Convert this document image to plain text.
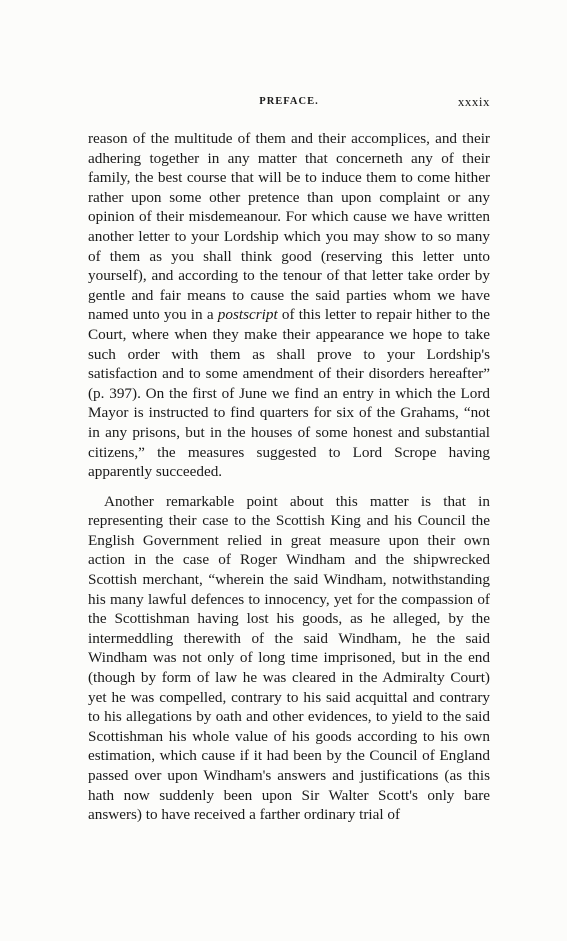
PREFACE.	xxxix

reason of the multitude of them and their accomplices, and their adhering together in any matter that concerneth any of their family, the best course that will be to induce them to come hither rather upon some other pretence than upon complaint or any opinion of their misdemeanour. For which cause we have written another letter to your Lordship which you may show to so many of them as you shall think good (reserving this letter unto yourself), and according to the tenour of that letter take order by gentle and fair means to cause the said parties whom we have named unto you in a postscript of this letter to repair hither to the Court, where when they make their appearance we hope to take such order with them as shall prove to your Lordship's satisfaction and to some amendment of their disorders hereafter” (p. 397). On the first of June we find an entry in which the Lord Mayor is instructed to find quarters for six of the Grahams, “not in any prisons, but in the houses of some honest and substantial citizens,” the measures suggested to Lord Scrope having apparently succeeded.

Another remarkable point about this matter is that in representing their case to the Scottish King and his Council the English Government relied in great measure upon their own action in the case of Roger Windham and the shipwrecked Scottish merchant, “wherein the said Windham, notwithstanding his many lawful defences to innocency, yet for the compassion of the Scottishman having lost his goods, as he alleged, by the intermeddling therewith of the said Windham, he the said Windham was not only of long time imprisoned, but in the end (though by form of law he was cleared in the Admiralty Court) yet he was compelled, contrary to his said acquittal and contrary to his allegations by oath and other evidences, to yield to the said Scottishman his whole value of his goods according to his own estimation, which cause if it had been by the Council of England passed over upon Windham's answers and justifications (as this hath now suddenly been upon Sir Walter Scott's only bare answers) to have received a farther ordinary trial of
